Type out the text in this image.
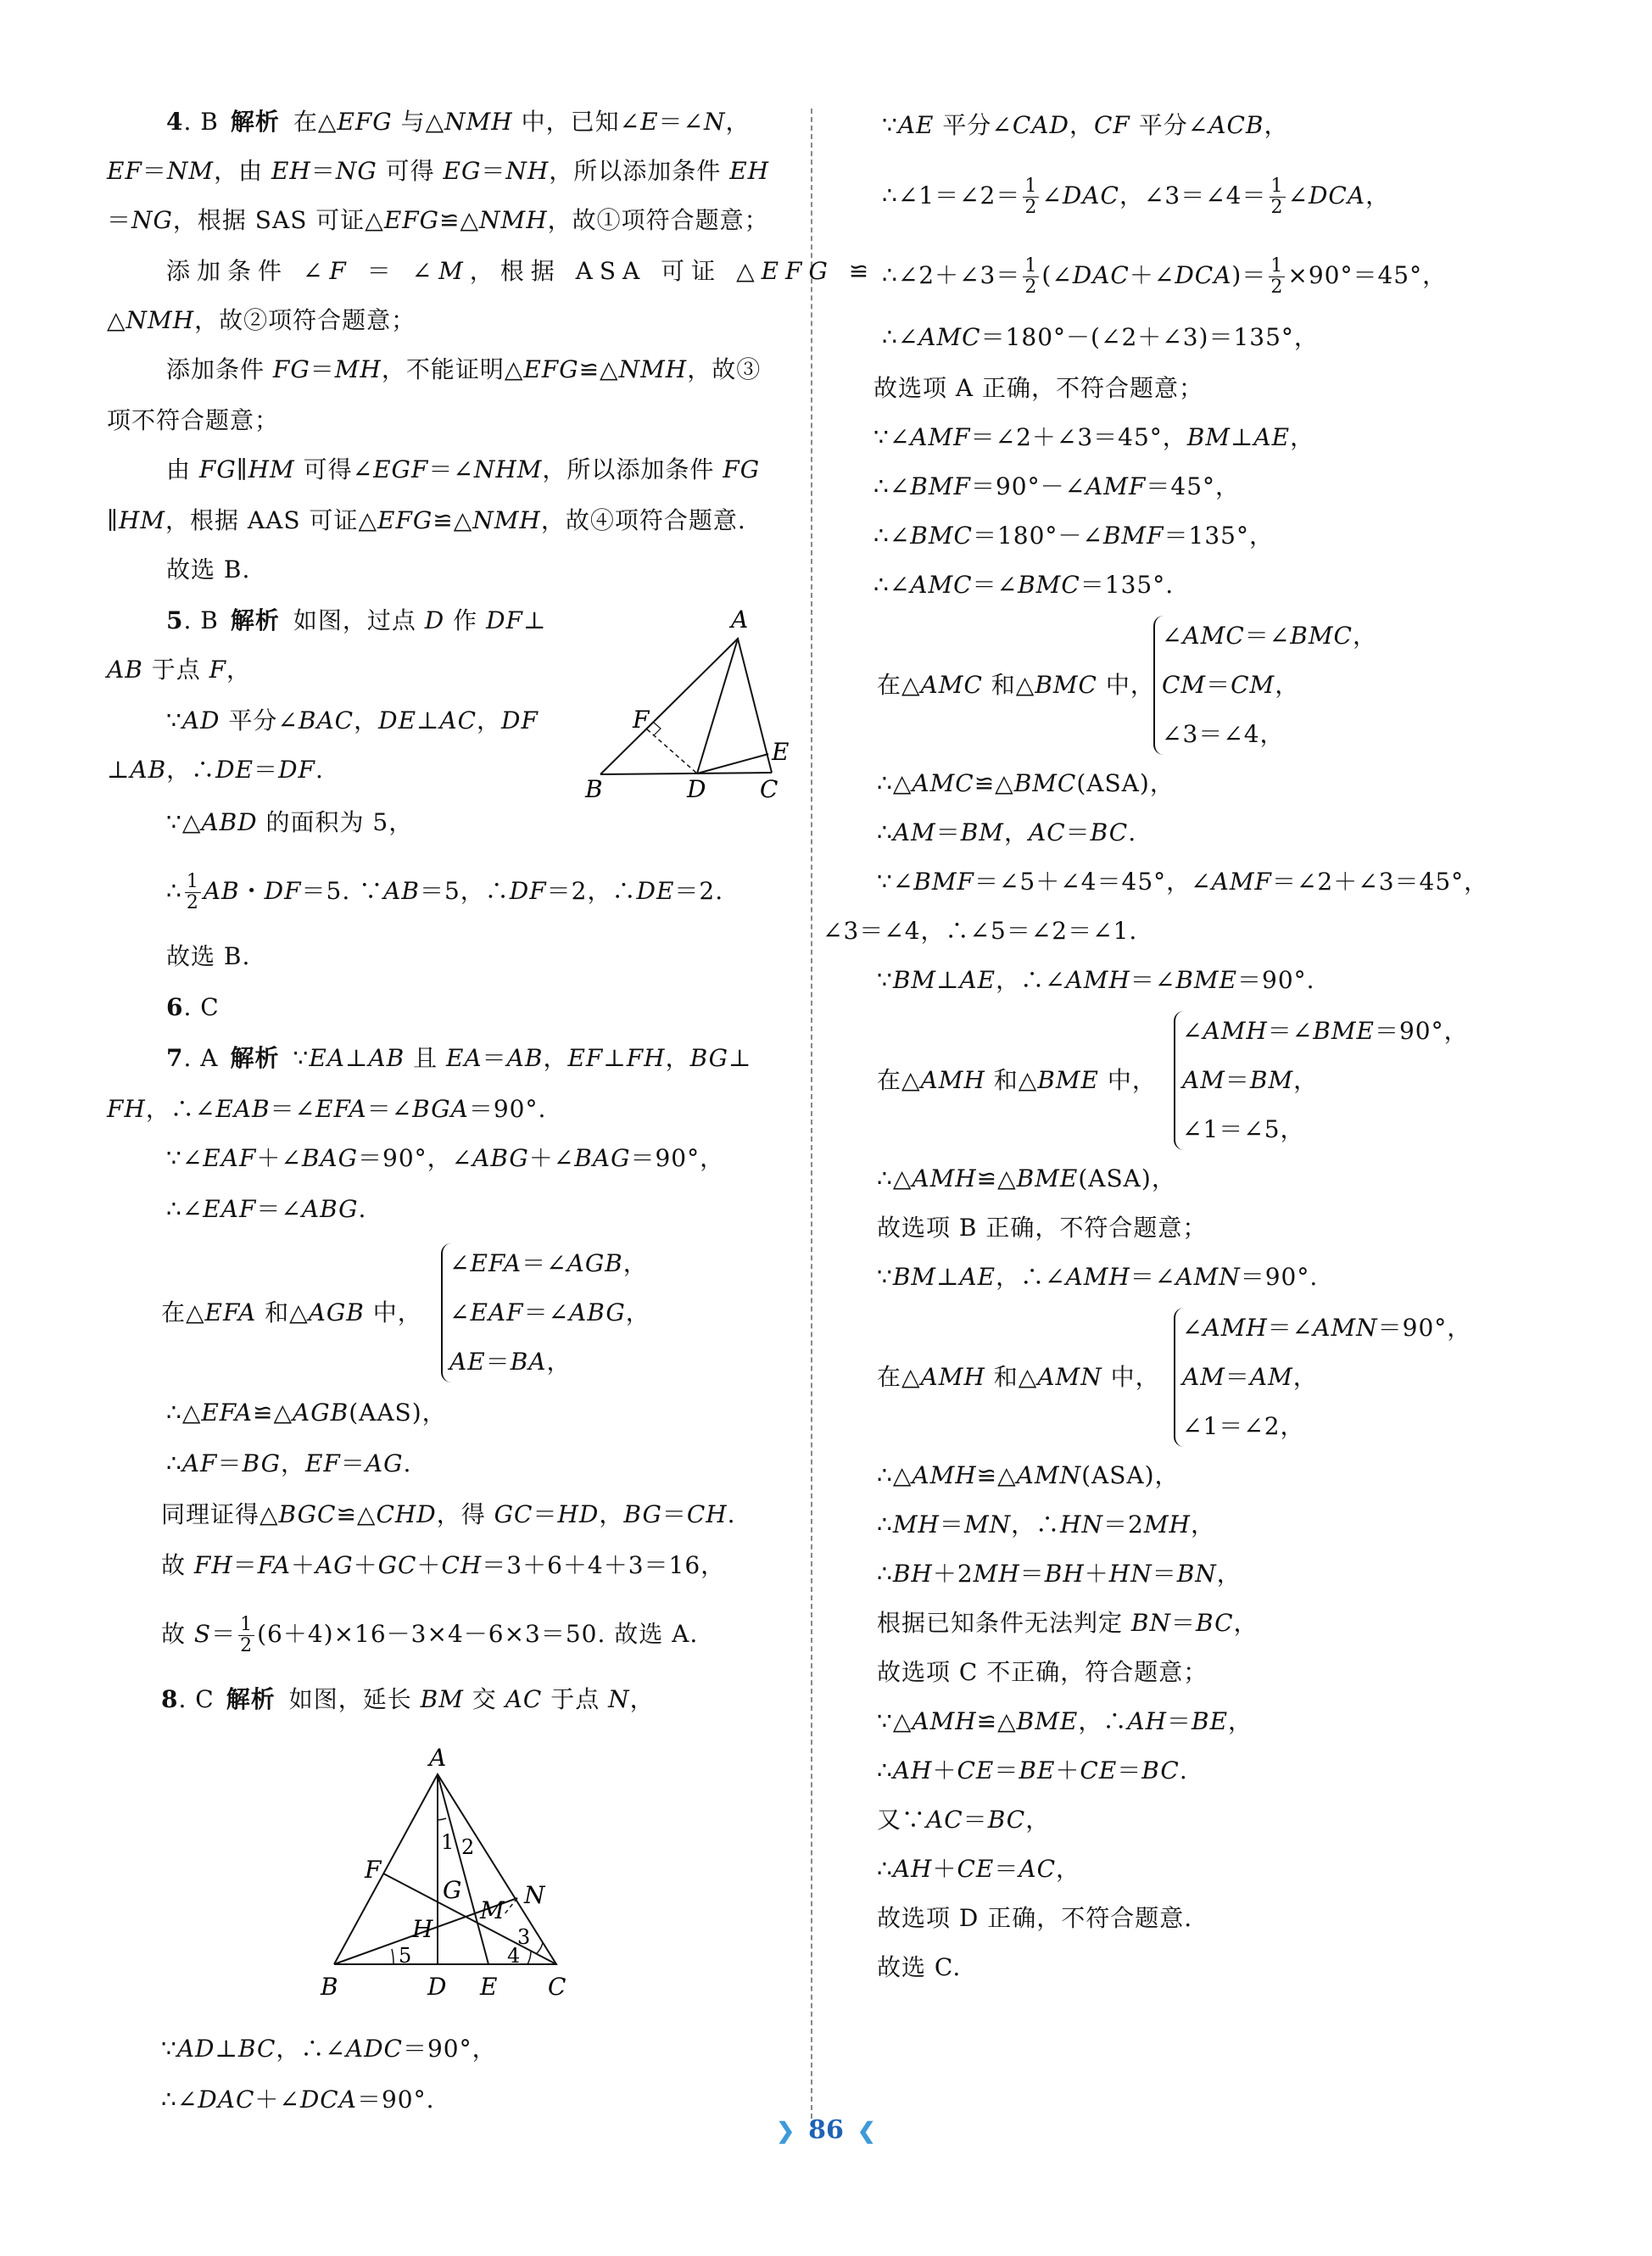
4. B 解析 在△EFG 与△NMH 中，已知∠E＝∠N，
EF＝NM，由 EH＝NG 可得 EG＝NH，所以添加条件 EH
＝NG，根据 SAS 可证△EFG≌△NMH，故①项符合题意；
添加条件 ∠F ＝ ∠M，根据 ASA 可证 △EFG ≌
△NMH，故②项符合题意；
添加条件 FG＝MH，不能证明△EFG≌△NMH，故③
项不符合题意；
由 FG∥HM 可得∠EGF＝∠NHM，所以添加条件 FG
∥HM，根据 AAS 可证△EFG≌△NMH，故④项符合题意.
故选 B.
5. B 解析 如图，过点 D 作 DF⊥
AB 于点 F，
∵AD 平分∠BAC，DE⊥AC，DF
⊥AB，∴DE＝DF.
∵△ABD 的面积为 5，
∴ $\frac{1}{2}$ AB・DF＝5. ∵AB＝5，∴DF＝2，∴DE＝2.
故选 B.
A
F
E
B	D C
6. C
7. A 解析 ∵EA⊥AB 且 EA＝AB，EF⊥FH，BG⊥
FH，∴∠EAB＝∠EFA＝∠BGA＝90°.
∵∠EAF＋∠BAG＝90°，∠ABG＋∠BAG＝90°，
∴∠EAF＝∠ABG.
在△EFA 和△AGB 中，
∠EFA＝∠AGB，
∠EAF＝∠ABG，
AE＝BA，
∴△EFA≌△AGB(AAS)，
∴AF＝BG，EF＝AG.
同理证得△BGC≌△CHD，得 GC＝HD，BG＝CH.
故 FH＝FA＋AG＋GC＋CH＝3＋6＋4＋3＝16，
故 $S= \frac{1}{2} (6+4)\times 16-3\times 4-6\times 3=50$. 故选 A.
8. C 解析 如图，延长 BM 交 AC 于点 N，
A
F
G	N
M
H
1 2
3
4
5
B	D E C
∵AD⊥BC，∴∠ADC＝90°，
∴∠DAC＋∠DCA＝90°.
∵AE 平分∠CAD，CF 平分∠ACB，
∴∠1＝∠2＝ $\frac{1}{2}$ ∠DAC，∠3＝∠4＝ $\frac{1}{2}$ ∠DCA，
∴∠2＋∠3＝ $\frac{1}{2}$ (∠DAC＋∠DCA)＝ $\frac{1}{2} \times 90^\circ=45^\circ$，
∴∠AMC＝180°－(∠2＋∠3)＝135°，
故选项 A 正确，不符合题意；
∵∠AMF＝∠2＋∠3＝45°，BM⊥AE，
∴∠BMF＝90°－∠AMF＝45°，
∴∠BMC＝180°－∠BMF＝135°，
∴∠AMC＝∠BMC＝135°.
在△AMC 和△BMC 中，
∠AMC＝∠BMC，
CM＝CM，
∠3＝∠4，
∴△AMC≌△BMC(ASA)，
∴AM＝BM，AC＝BC.
∵∠BMF＝∠5＋∠4＝45°，∠AMF＝∠2＋∠3＝45°，
∠3＝∠4，∴∠5＝∠2＝∠1.
∵BM⊥AE，∴∠AMH＝∠BME＝90°.
在△AMH 和△BME 中，
∠AMH＝∠BME＝90°，
AM＝BM，
∠1＝∠5，
∴△AMH≌△BME(ASA)，
故选项 B 正确，不符合题意；
∵BM⊥AE，∴∠AMH＝∠AMN＝90°.
在△AMH 和△AMN 中，
∠AMH＝∠AMN＝90°，
AM＝AM，
∠1＝∠2，
∴△AMH≌△AMN(ASA)，
∴MH＝MN，∴HN＝2MH，
∴BH＋2MH＝BH＋HN＝BN，
根据已知条件无法判定 BN＝BC，
故选项 C 不正确，符合题意；
∵△AMH≌△BME，∴AH＝BE，
∴AH＋CE＝BE＋CE＝BC.
又∵AC＝BC，
∴AH＋CE＝AC，
故选项 D 正确，不符合题意.
故选 C.
❯ 86 ❮
